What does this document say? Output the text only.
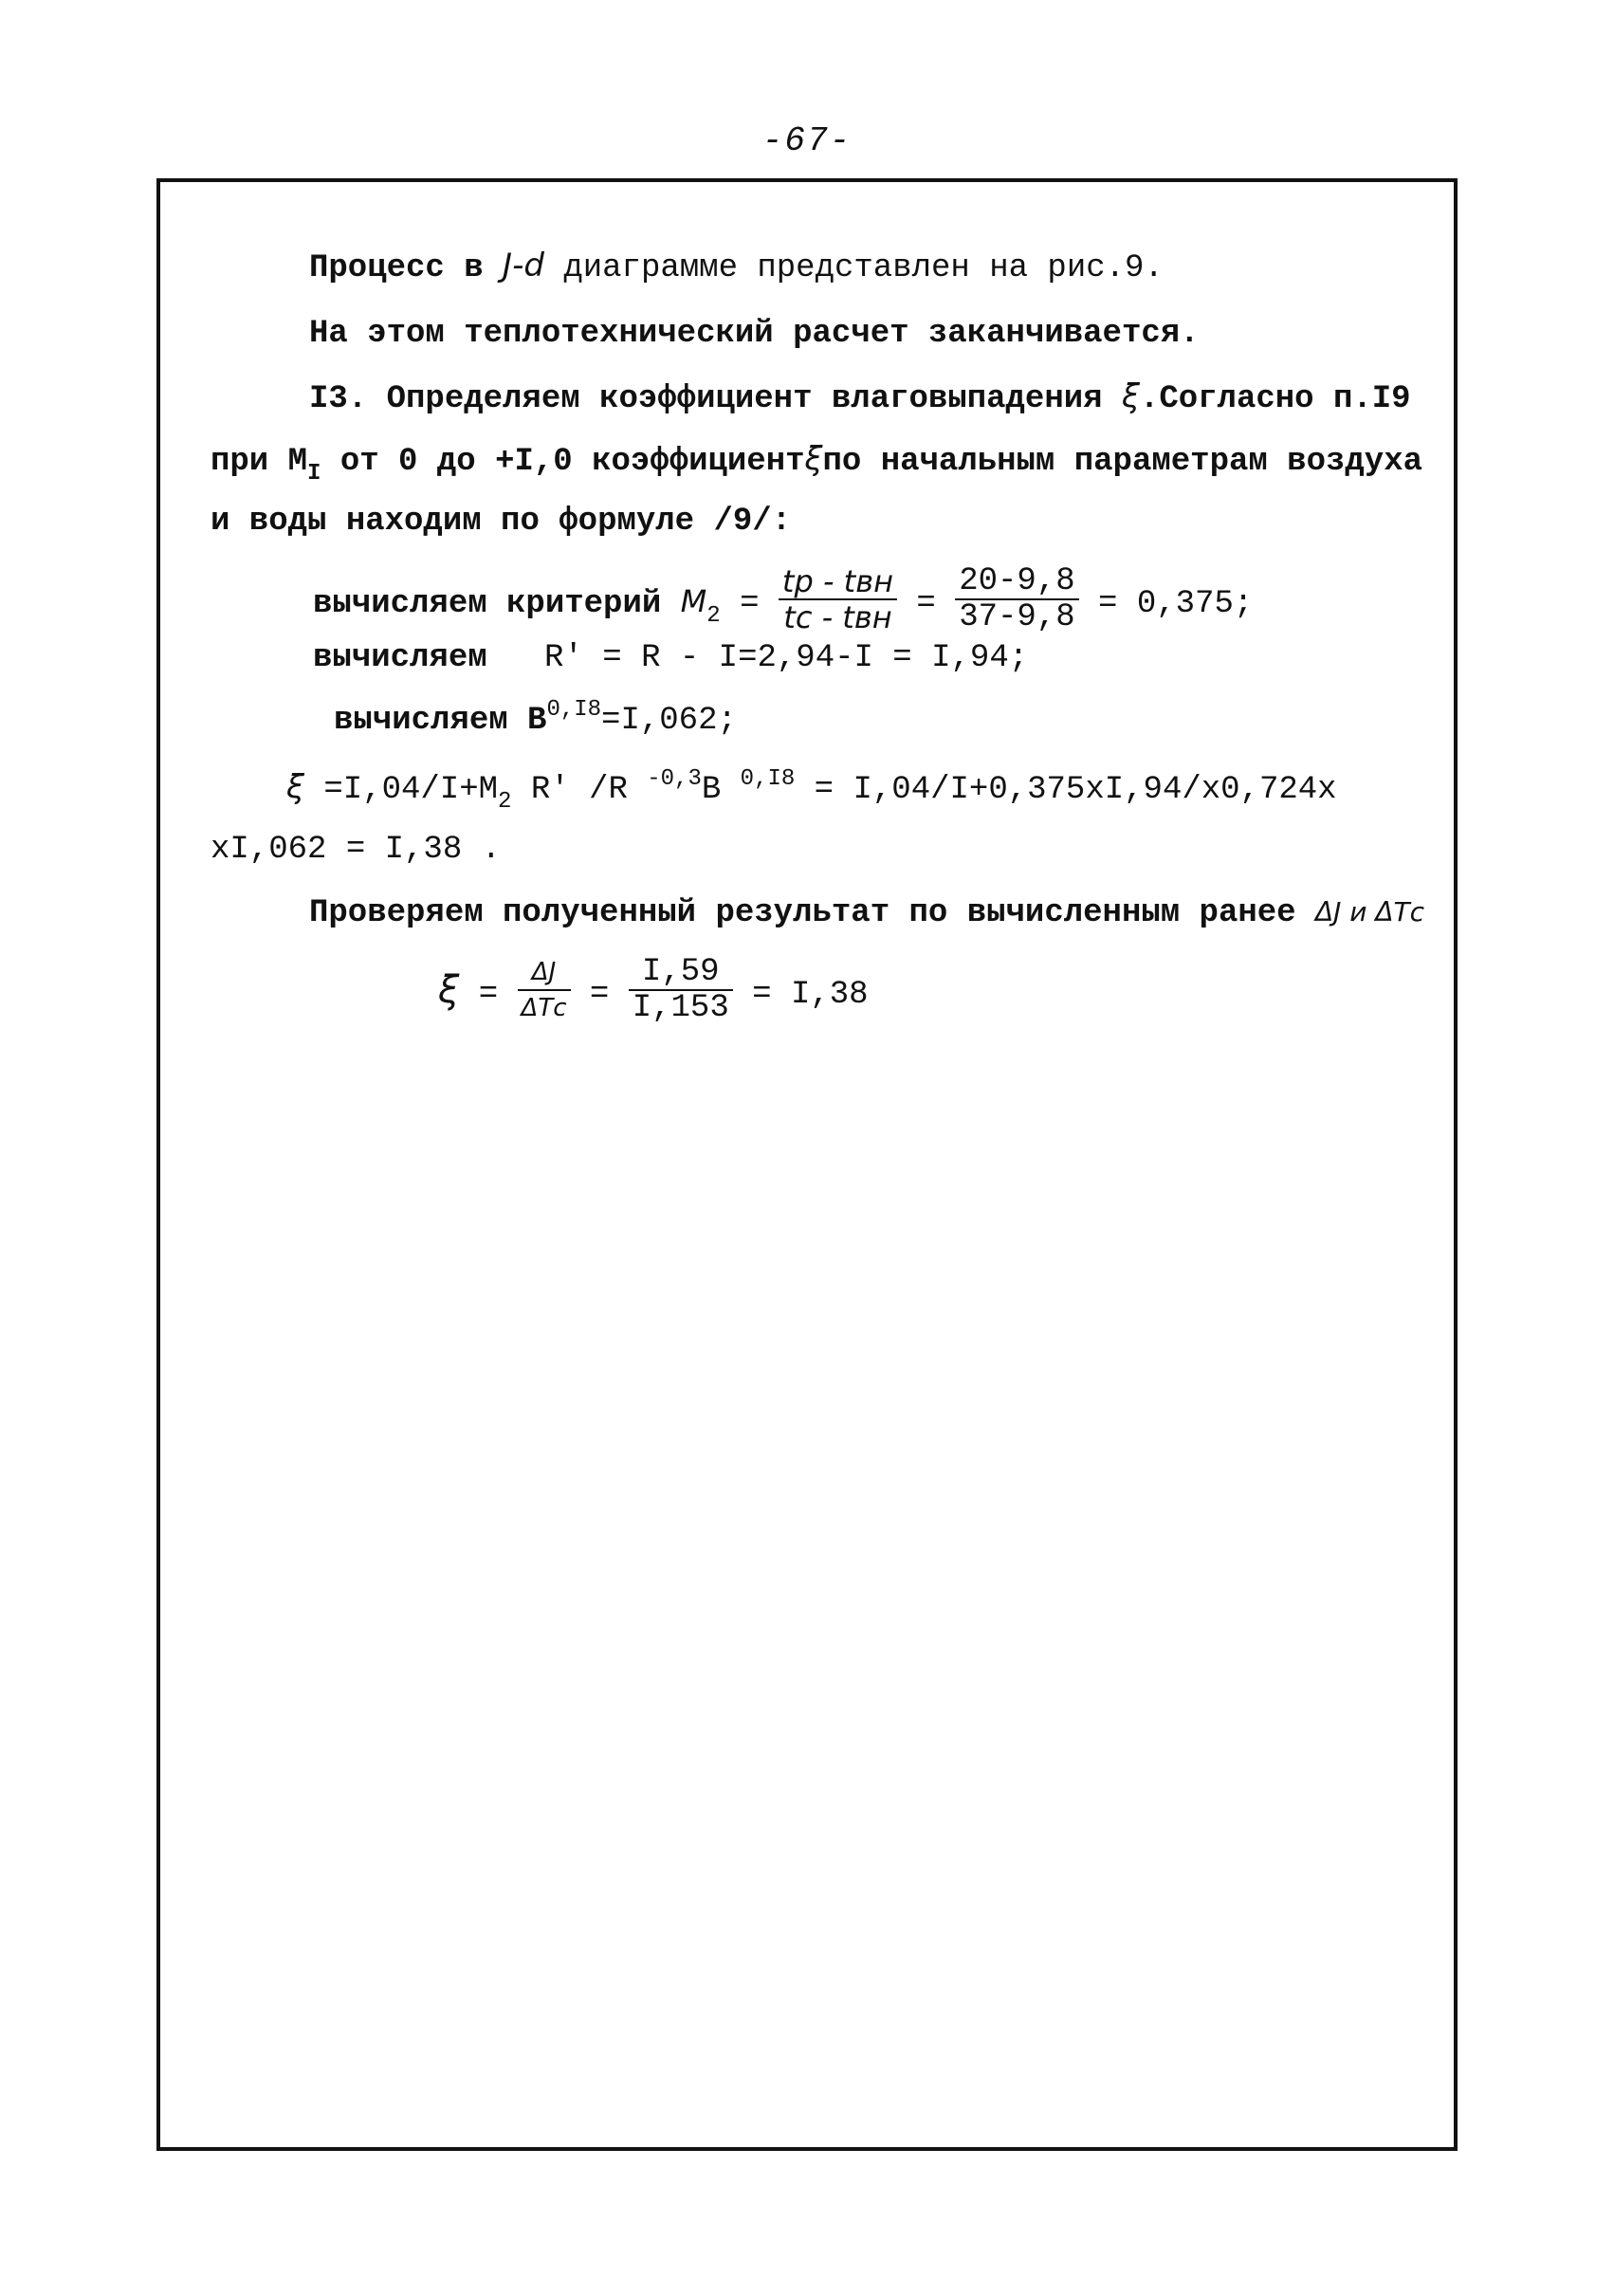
-67-
Процесс в J-d диаграмме представлен на рис.9.
На этом теплотехнический расчет заканчивается.
I3. Определяем коэффициент влаговыпадения ξ.Согласно п.I9
при $М_I$ от 0 до +I,0 коэффициентξпо начальным параметрам воздуха
и воды находим по формуле /9/:
вычисляем критерий $M_2 = \frac{\text{tр - tвн}}{\text{tс - tвн}} = \frac{20-9,8}{37-9,8} = 0,375$;
вычисляем R' = R - I=2,94-I = I,94;
вычисляем $B^{0,I8}=I,062$;
$\xi =I,04/I+М_2$ R' /R $^{-0,3}$B $^{0,I8}$ = I,04/I+0,375хI,94/х0,724х
хI,062 = I,38 .
Проверяем полученный результат по вычисленным ранее ΔJ и ΔTс
$\xi = \frac{\Delta J}{\text{ΔTс}} = \frac{I,59}{I,153} = I,38$
